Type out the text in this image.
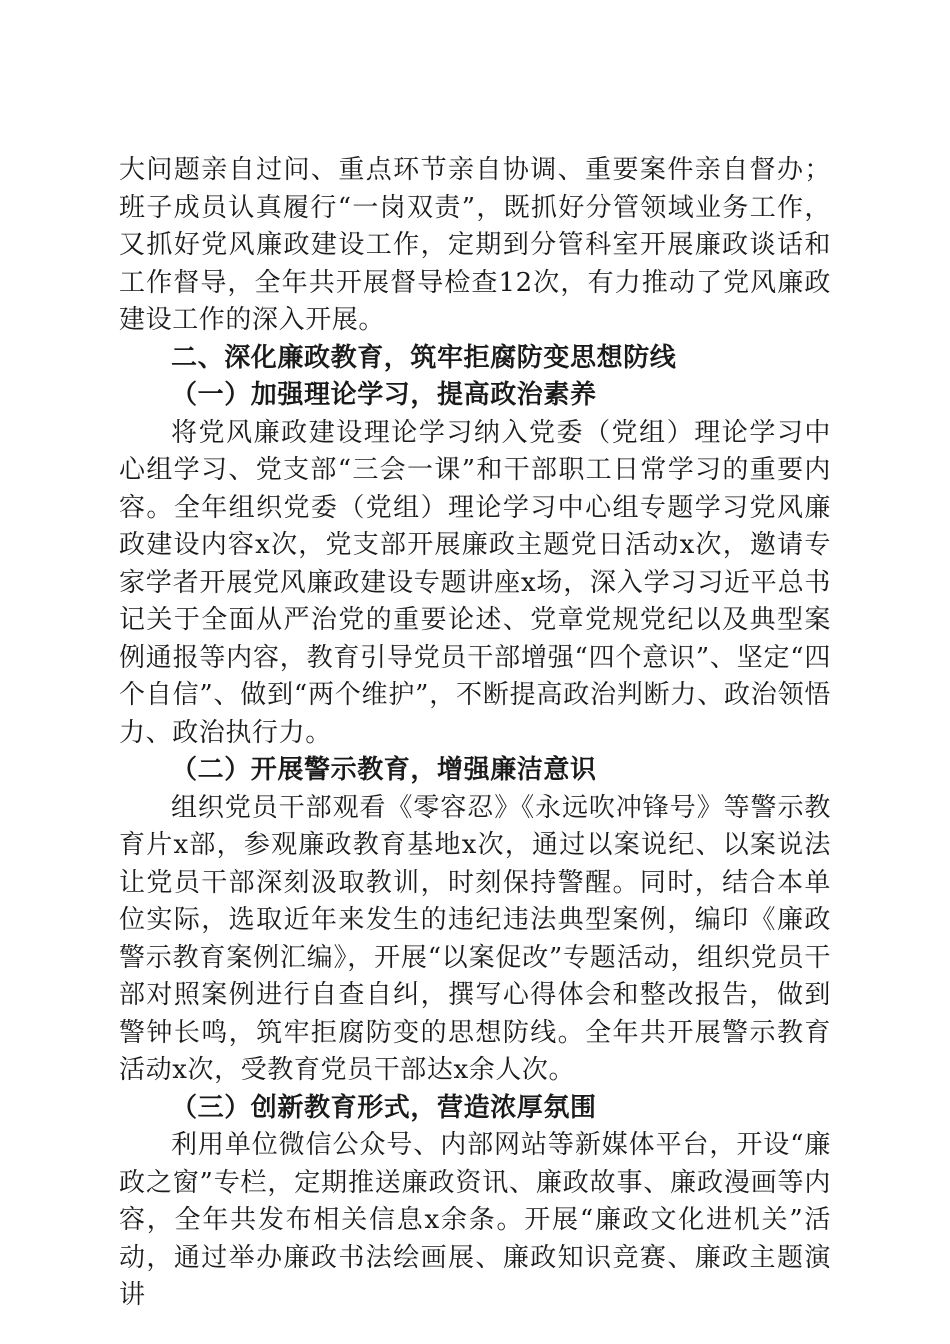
大问题亲自过问、重点环节亲自协调、重要案件亲自督办；班子成员认真履行“一岗双责”，既抓好分管领域业务工作，又抓好党风廉政建设工作，定期到分管科室开展廉政谈话和工作督导，全年共开展督导检查12次，有力推动了党风廉政建设工作的深入开展。

二、深化廉政教育，筑牢拒腐防变思想防线

（一）加强理论学习，提高政治素养

将党风廉政建设理论学习纳入党委（党组）理论学习中心组学习、党支部“三会一课”和干部职工日常学习的重要内容。全年组织党委（党组）理论学习中心组专题学习党风廉政建设内容x次，党支部开展廉政主题党日活动x次，邀请专家学者开展党风廉政建设专题讲座x场，深入学习习近平总书记关于全面从严治党的重要论述、党章党规党纪以及典型案例通报等内容，教育引导党员干部增强“四个意识”、坚定“四个自信”、做到“两个维护”，不断提高政治判断力、政治领悟力、政治执行力。

（二）开展警示教育，增强廉洁意识

组织党员干部观看《零容忍》《永远吹冲锋号》等警示教育片x部，参观廉政教育基地x次，通过以案说纪、以案说法让党员干部深刻汲取教训，时刻保持警醒。同时，结合本单位实际，选取近年来发生的违纪违法典型案例，编印《廉政警示教育案例汇编》，开展“以案促改”专题活动，组织党员干部对照案例进行自查自纠，撰写心得体会和整改报告，做到警钟长鸣，筑牢拒腐防变的思想防线。全年共开展警示教育活动x次，受教育党员干部达x余人次。

（三）创新教育形式，营造浓厚氛围

利用单位微信公众号、内部网站等新媒体平台，开设“廉政之窗”专栏，定期推送廉政资讯、廉政故事、廉政漫画等内容，全年共发布相关信息x余条。开展“廉政文化进机关”活动，通过举办廉政书法绘画展、廉政知识竞赛、廉政主题演讲
